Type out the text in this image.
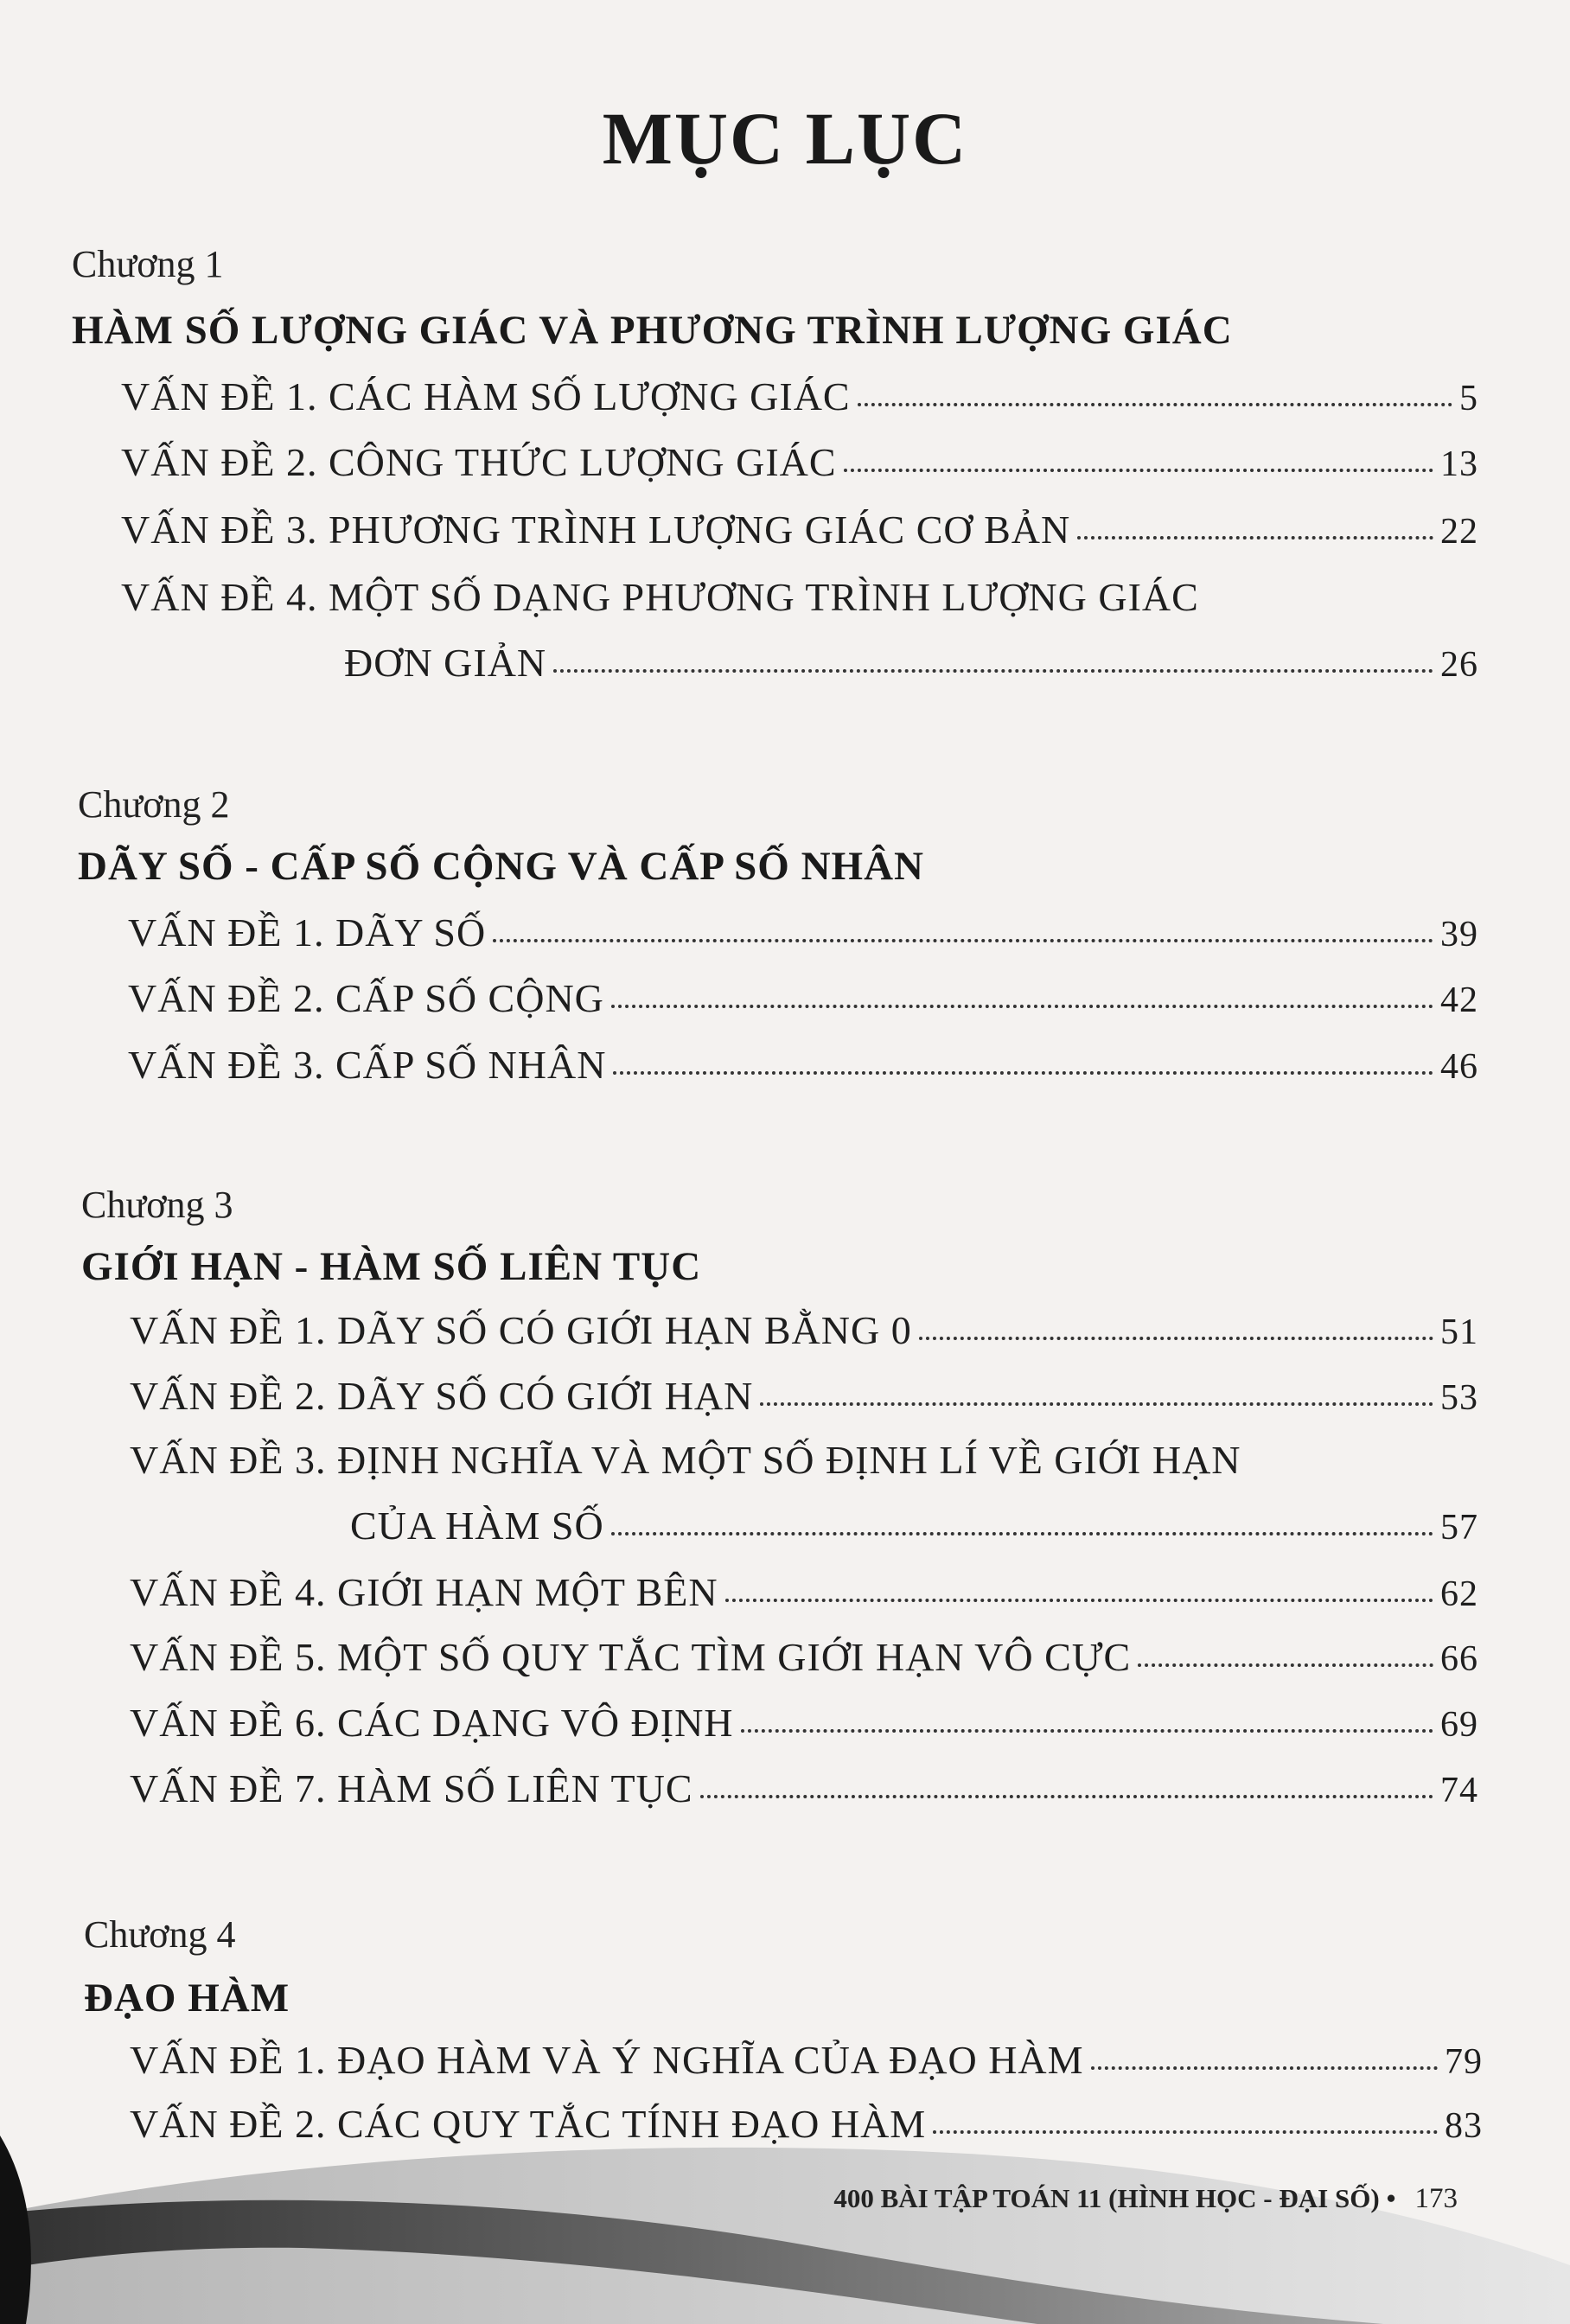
MỤC LỤC
Chương 1
HÀM SỐ LƯỢNG GIÁC VÀ PHƯƠNG TRÌNH LƯỢNG GIÁC
VẤN ĐỀ 1. CÁC HÀM SỐ LƯỢNG GIÁC	5
VẤN ĐỀ 2. CÔNG THỨC LƯỢNG GIÁC	13
VẤN ĐỀ 3. PHƯƠNG TRÌNH LƯỢNG GIÁC CƠ BẢN	22
VẤN ĐỀ 4. MỘT SỐ DẠNG PHƯƠNG TRÌNH LƯỢNG GIÁC
ĐƠN GIẢN	26
Chương 2
DÃY SỐ - CẤP SỐ CỘNG VÀ CẤP SỐ NHÂN
VẤN ĐỀ 1. DÃY SỐ	39
VẤN ĐỀ 2. CẤP SỐ CỘNG	42
VẤN ĐỀ 3. CẤP SỐ NHÂN	46
Chương 3
GIỚI HẠN - HÀM SỐ LIÊN TỤC
VẤN ĐỀ 1. DÃY SỐ CÓ GIỚI HẠN BẰNG 0	51
VẤN ĐỀ 2. DÃY SỐ CÓ GIỚI HẠN	53
VẤN ĐỀ 3. ĐỊNH NGHĨA VÀ MỘT SỐ ĐỊNH LÍ VỀ GIỚI HẠN
CỦA HÀM SỐ	57
VẤN ĐỀ 4. GIỚI HẠN MỘT BÊN	62
VẤN ĐỀ 5. MỘT SỐ QUY TẮC TÌM GIỚI HẠN VÔ CỰC	66
VẤN ĐỀ 6. CÁC DẠNG VÔ ĐỊNH	69
VẤN ĐỀ 7. HÀM SỐ LIÊN TỤC	74
Chương 4
ĐẠO HÀM
VẤN ĐỀ 1. ĐẠO HÀM VÀ Ý NGHĨA CỦA ĐẠO HÀM	79
VẤN ĐỀ 2. CÁC QUY TẮC TÍNH ĐẠO HÀM	83
400 BÀI TẬP TOÁN 11 (HÌNH HỌC - ĐẠI SỐ) • 173
